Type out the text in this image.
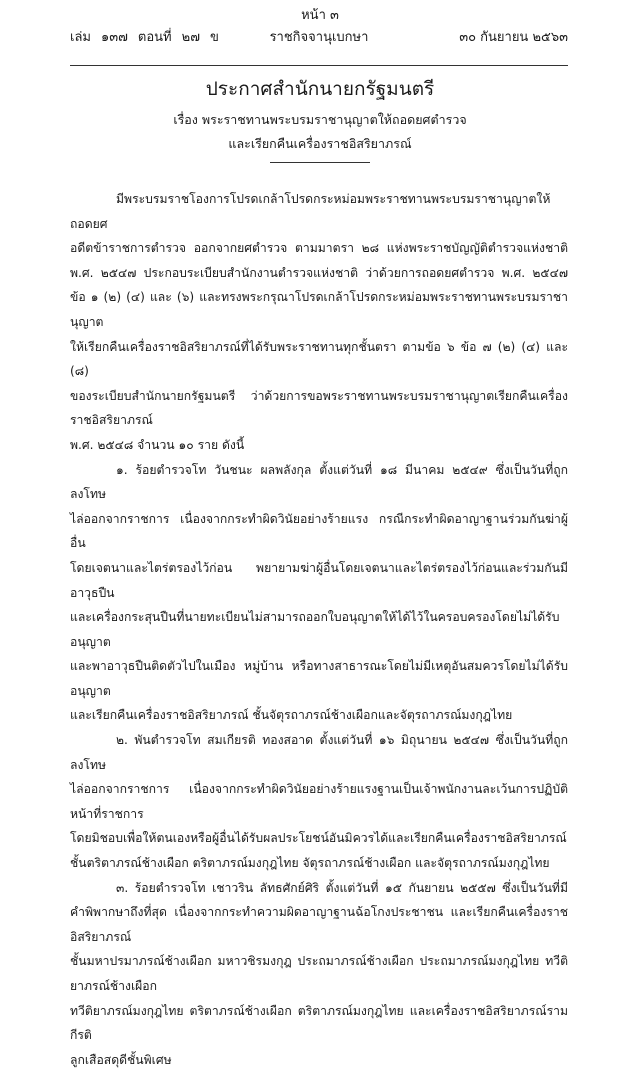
หน้า ๓
เล่ม ๑๓๗ ตอนที่ ๒๗ ข	ราชกิจจานุเบกษา	๓๐ กันยายน ๒๕๖๓
ประกาศสำนักนายกรัฐมนตรี
เรื่อง พระราชทานพระบรมราชานุญาตให้ถอดยศตำรวจ
และเรียกคืนเครื่องราชอิสริยาภรณ์

มีพระบรมราชโองการโปรดเกล้าโปรดกระหม่อมพระราชทานพระบรมราชานุญาตให้ถอดยศ

อดีตข้าราชการตำรวจ ออกจากยศตำรวจ ตามมาตรา ๒๘ แห่งพระราชบัญญัติตำรวจแห่งชาติ

พ.ศ. ๒๕๔๗ ประกอบระเบียบสำนักงานตำรวจแห่งชาติ ว่าด้วยการถอดยศตำรวจ พ.ศ. ๒๕๔๗

ข้อ ๑ (๒) (๔) และ (๖) และทรงพระกรุณาโปรดเกล้าโปรดกระหม่อมพระราชทานพระบรมราชานุญาต

ให้เรียกคืนเครื่องราชอิสริยาภรณ์ที่ได้รับพระราชทานทุกชั้นตรา ตามข้อ ๖ ข้อ ๗ (๒) (๔) และ (๘)

ของระเบียบสำนักนายกรัฐมนตรี ว่าด้วยการขอพระราชทานพระบรมราชานุญาตเรียกคืนเครื่องราชอิสริยาภรณ์

พ.ศ. ๒๕๔๘ จำนวน ๑๐ ราย ดังนี้

๑. ร้อยตำรวจโท วันชนะ ผลพลังกุล ตั้งแต่วันที่ ๑๘ มีนาคม ๒๕๔๙ ซึ่งเป็นวันที่ถูกลงโทษ

ไล่ออกจากราชการ เนื่องจากกระทำผิดวินัยอย่างร้ายแรง กรณีกระทำผิดอาญาฐานร่วมกันฆ่าผู้อื่น

โดยเจตนาและไตร่ตรองไว้ก่อน พยายามฆ่าผู้อื่นโดยเจตนาและไตร่ตรองไว้ก่อนและร่วมกันมีอาวุธปืน

และเครื่องกระสุนปืนที่นายทะเบียนไม่สามารถออกใบอนุญาตให้ได้ไว้ในครอบครองโดยไม่ได้รับอนุญาต

และพาอาวุธปืนติดตัวไปในเมือง หมู่บ้าน หรือทางสาธารณะโดยไม่มีเหตุอันสมควรโดยไม่ได้รับอนุญาต

และเรียกคืนเครื่องราชอิสริยาภรณ์ ชั้นจัตุรถาภรณ์ช้างเผือกและจัตุรถาภรณ์มงกุฎไทย

๒. พันตำรวจโท สมเกียรติ ทองสอาด ตั้งแต่วันที่ ๑๖ มิถุนายน ๒๕๔๗ ซึ่งเป็นวันที่ถูกลงโทษ

ไล่ออกจากราชการ เนื่องจากกระทำผิดวินัยอย่างร้ายแรงฐานเป็นเจ้าพนักงานละเว้นการปฏิบัติหน้าที่ราชการ

โดยมิชอบเพื่อให้ตนเองหรือผู้อื่นได้รับผลประโยชน์อันมิควรได้และเรียกคืนเครื่องราชอิสริยาภรณ์

ชั้นตริตาภรณ์ช้างเผือก ตริตาภรณ์มงกุฎไทย จัตุรถาภรณ์ช้างเผือก และจัตุรถาภรณ์มงกุฎไทย

๓. ร้อยตำรวจโท เชาวริน ลัทธศักย์ศิริ ตั้งแต่วันที่ ๑๕ กันยายน ๒๕๕๗ ซึ่งเป็นวันที่มี

คำพิพากษาถึงที่สุด เนื่องจากกระทำความผิดอาญาฐานฉ้อโกงประชาชน และเรียกคืนเครื่องราชอิสริยาภรณ์

ชั้นมหาปรมาภรณ์ช้างเผือก มหาวชิรมงกุฎ ประถมาภรณ์ช้างเผือก ประถมาภรณ์มงกุฎไทย ทวีติยาภรณ์ช้างเผือก

ทวีติยาภรณ์มงกุฎไทย ตริตาภรณ์ช้างเผือก ตริตาภรณ์มงกุฎไทย และเครื่องราชอิสริยาภรณ์รามกีรติ

ลูกเสือสดุดีชั้นพิเศษ
